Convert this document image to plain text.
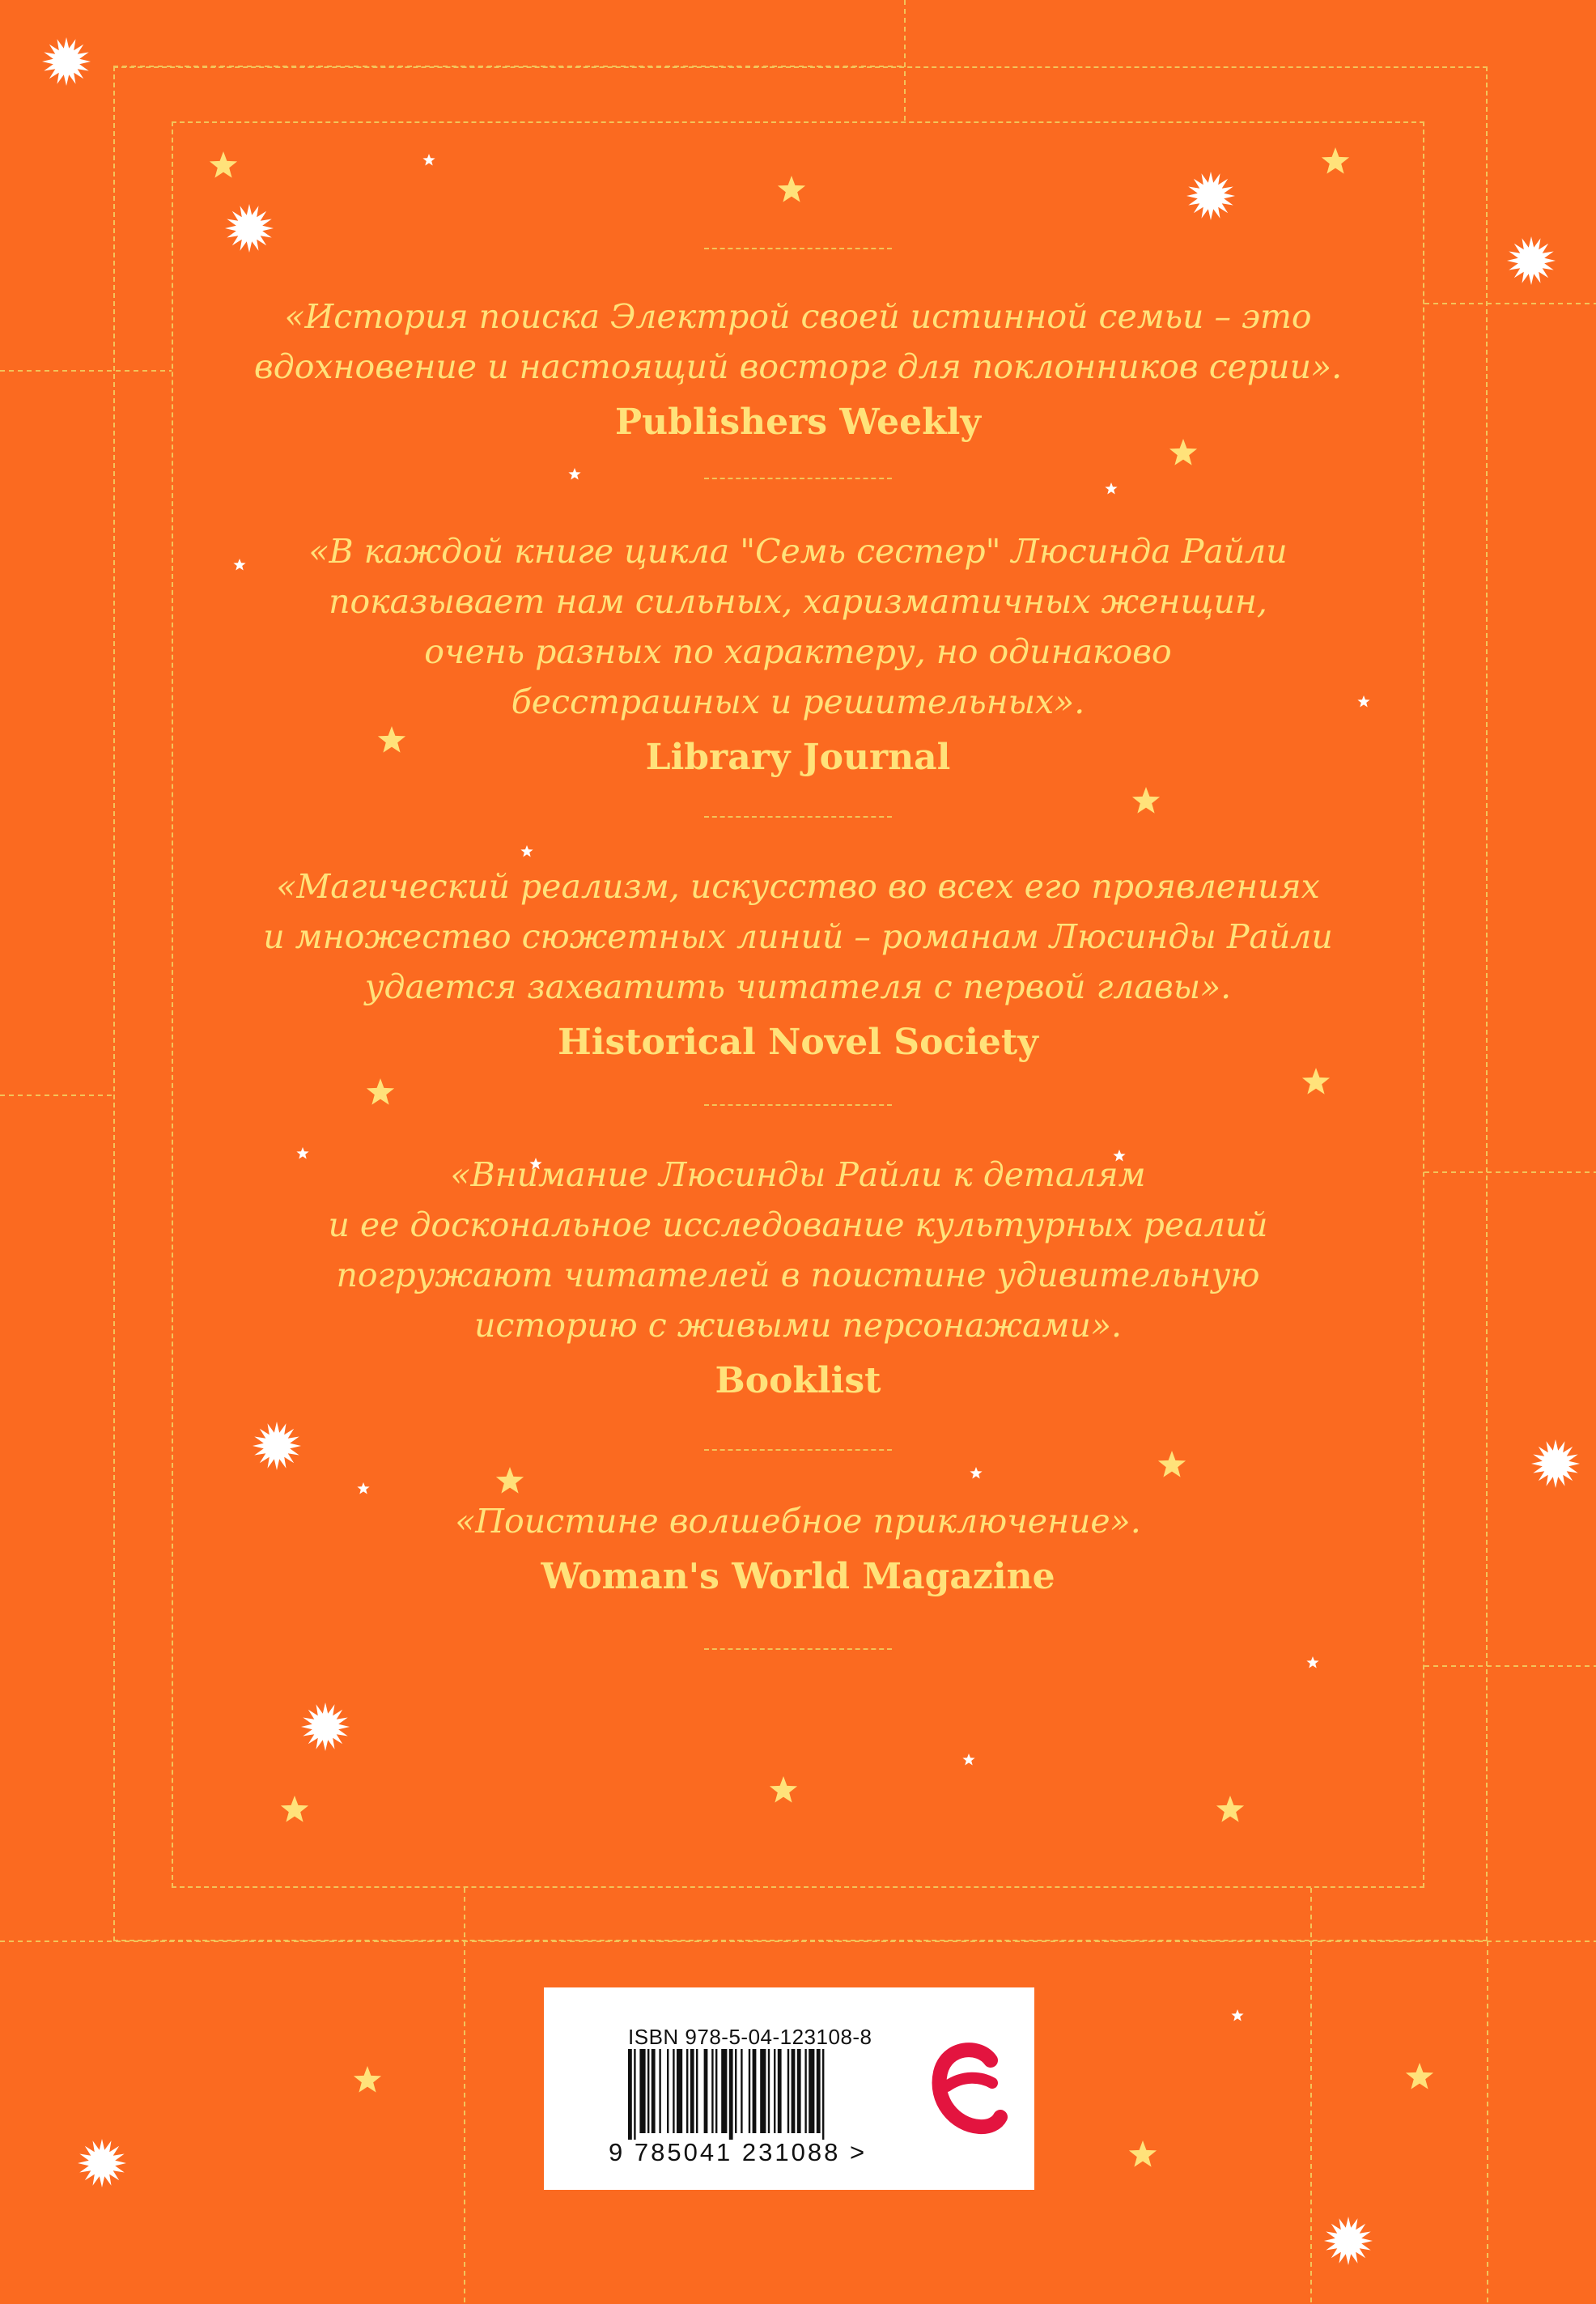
«История поиска Электрой своей истинной семьи – это
вдохновение и настоящий восторг для поклонников серии».

Publishers Weekly

«В каждой книге цикла "Семь сестер" Люсинда Райли
показывает нам сильных, харизматичных женщин,
очень разных по характеру, но одинаково
бесстрашных и решительных».

Library Journal

«Магический реализм, искусство во всех его проявлениях
и множество сюжетных линий – романам Люсинды Райли
удается захватить читателя с первой главы».

Historical Novel Society

«Внимание Люсинды Райли к деталям
и ее доскональное исследование культурных реалий
погружают читателей в поистине удивительную
историю с живыми персонажами».

Booklist

«Поистине волшебное приключение».

Woman's World Magazine

ISBN 978-5-04-123108-8
9 785041 231088 >
